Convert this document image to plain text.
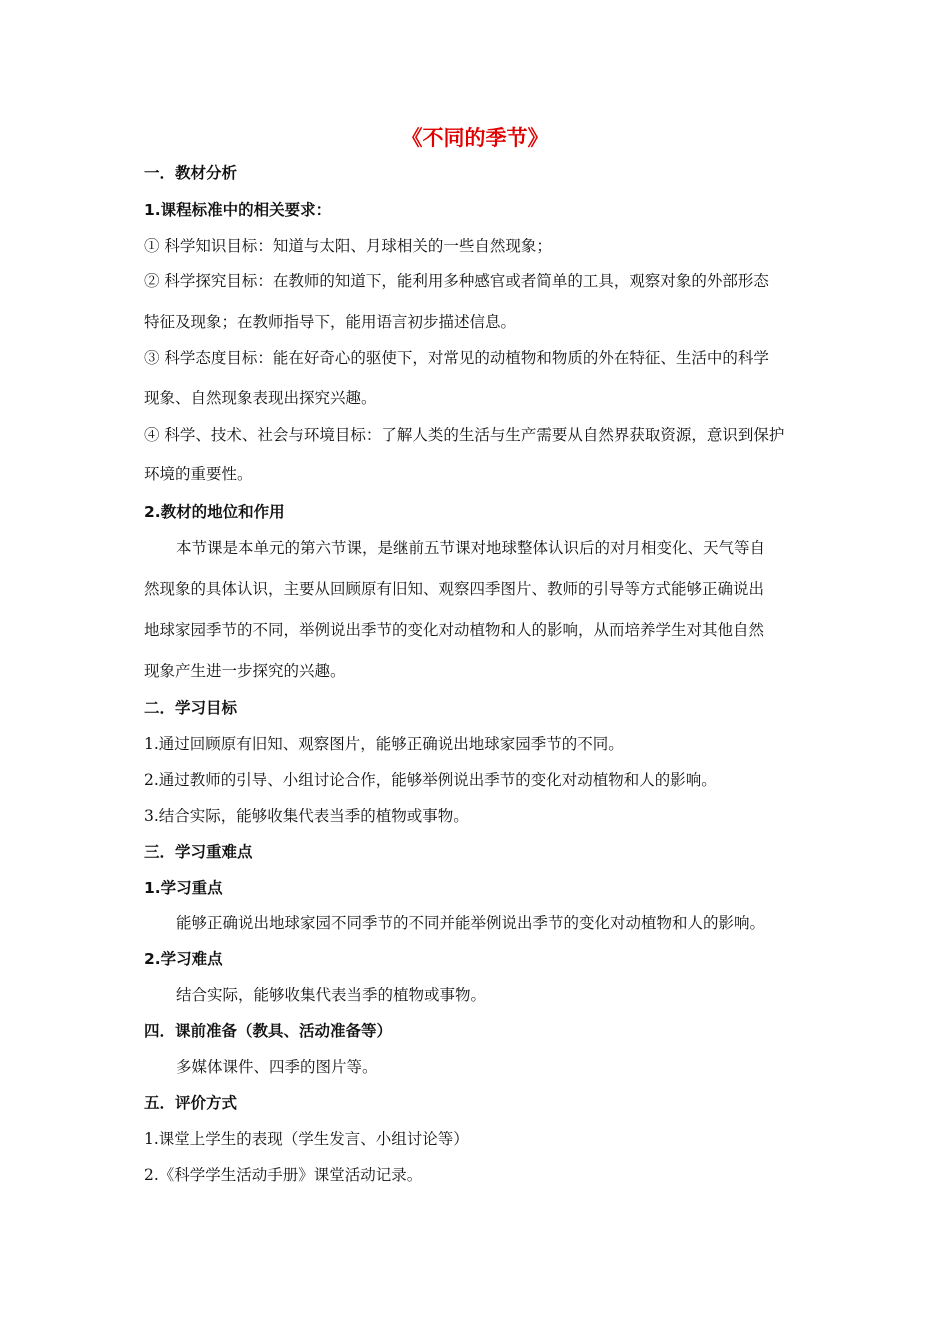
《不同的季节》
一．教材分析
1.课程标准中的相关要求：
① 科学知识目标：知道与太阳、月球相关的一些自然现象；
② 科学探究目标：在教师的知道下，能利用多种感官或者简单的工具，观察对象的外部形态
特征及现象；在教师指导下，能用语言初步描述信息。
③ 科学态度目标：能在好奇心的驱使下，对常见的动植物和物质的外在特征、生活中的科学
现象、自然现象表现出探究兴趣。
④ 科学、技术、社会与环境目标：了解人类的生活与生产需要从自然界获取资源，意识到保护
环境的重要性。
2.教材的地位和作用
本节课是本单元的第六节课，是继前五节课对地球整体认识后的对月相变化、天气等自
然现象的具体认识，主要从回顾原有旧知、观察四季图片、教师的引导等方式能够正确说出
地球家园季节的不同，举例说出季节的变化对动植物和人的影响，从而培养学生对其他自然
现象产生进一步探究的兴趣。
二．学习目标
1.通过回顾原有旧知、观察图片，能够正确说出地球家园季节的不同。
2.通过教师的引导、小组讨论合作，能够举例说出季节的变化对动植物和人的影响。
3.结合实际，能够收集代表当季的植物或事物。
三．学习重难点
1.学习重点
能够正确说出地球家园不同季节的不同并能举例说出季节的变化对动植物和人的影响。
2.学习难点
结合实际，能够收集代表当季的植物或事物。
四．课前准备（教具、活动准备等）
多媒体课件、四季的图片等。
五．评价方式
1.课堂上学生的表现（学生发言、小组讨论等）
2.《科学学生活动手册》课堂活动记录。
